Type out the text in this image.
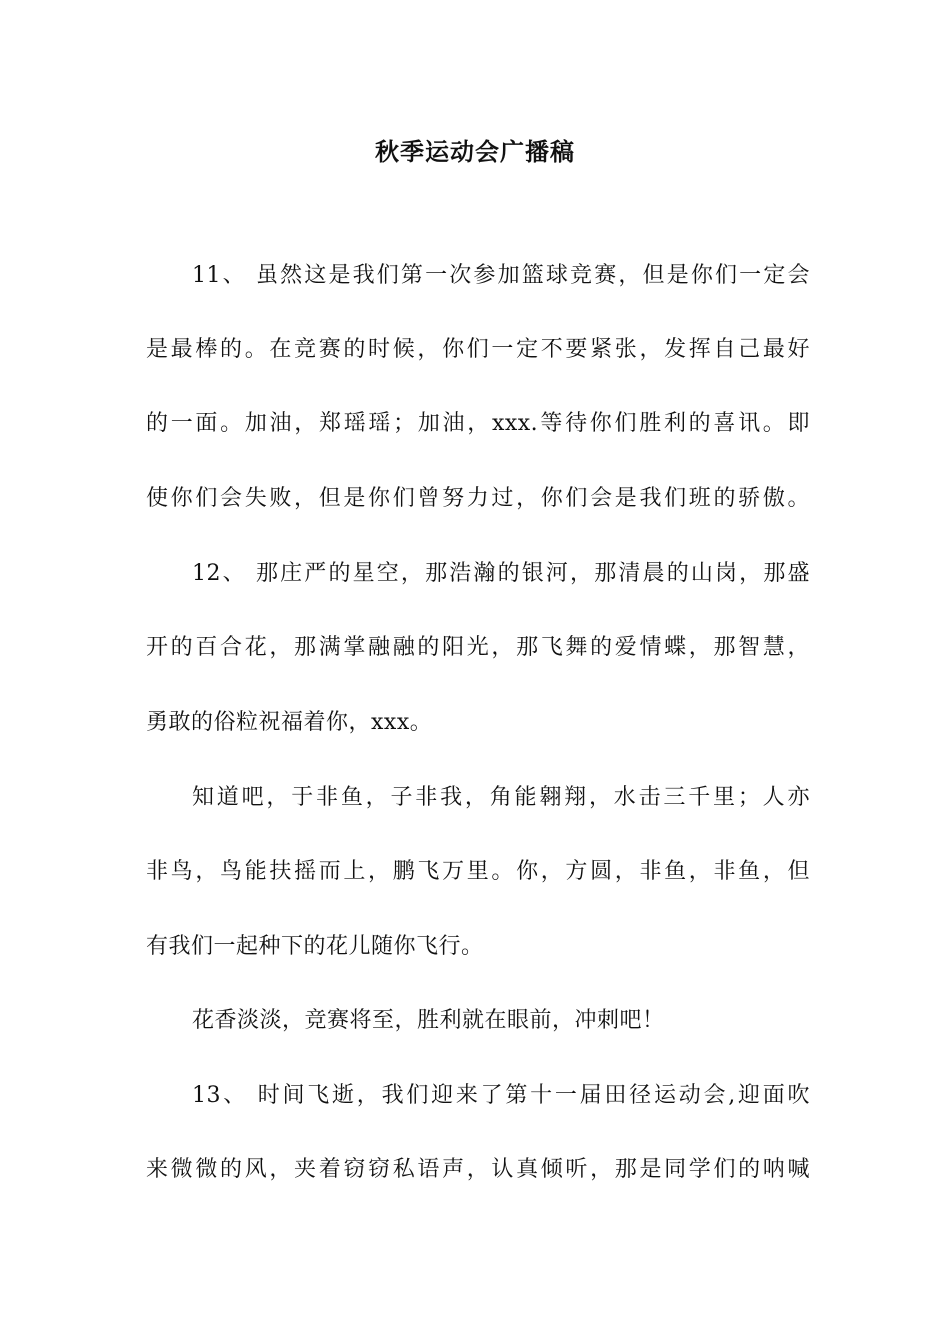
秋季运动会广播稿
11、 虽然这是我们第一次参加篮球竞赛，但是你们一定会
是最棒的。在竞赛的时候，你们一定不要紧张，发挥自己最好
的一面。加油，郑瑶瑶；加油，xxx.等待你们胜利的喜讯。即
使你们会失败，但是你们曾努力过，你们会是我们班的骄傲。
12、 那庄严的星空，那浩瀚的银河，那清晨的山岗，那盛
开的百合花，那满掌融融的阳光，那飞舞的爱情蝶，那智慧，
勇敢的俗粒祝福着你，xxx。
知道吧，于非鱼，子非我，角能翱翔，水击三千里；人亦
非鸟，鸟能扶摇而上，鹏飞万里。你，方圆，非鱼，非鱼，但
有我们一起种下的花儿随你飞行。
花香淡淡，竞赛将至，胜利就在眼前，冲刺吧！
13、 时间飞逝，我们迎来了第十一届田径运动会,迎面吹
来微微的风，夹着窃窃私语声，认真倾听，那是同学们的呐喊
